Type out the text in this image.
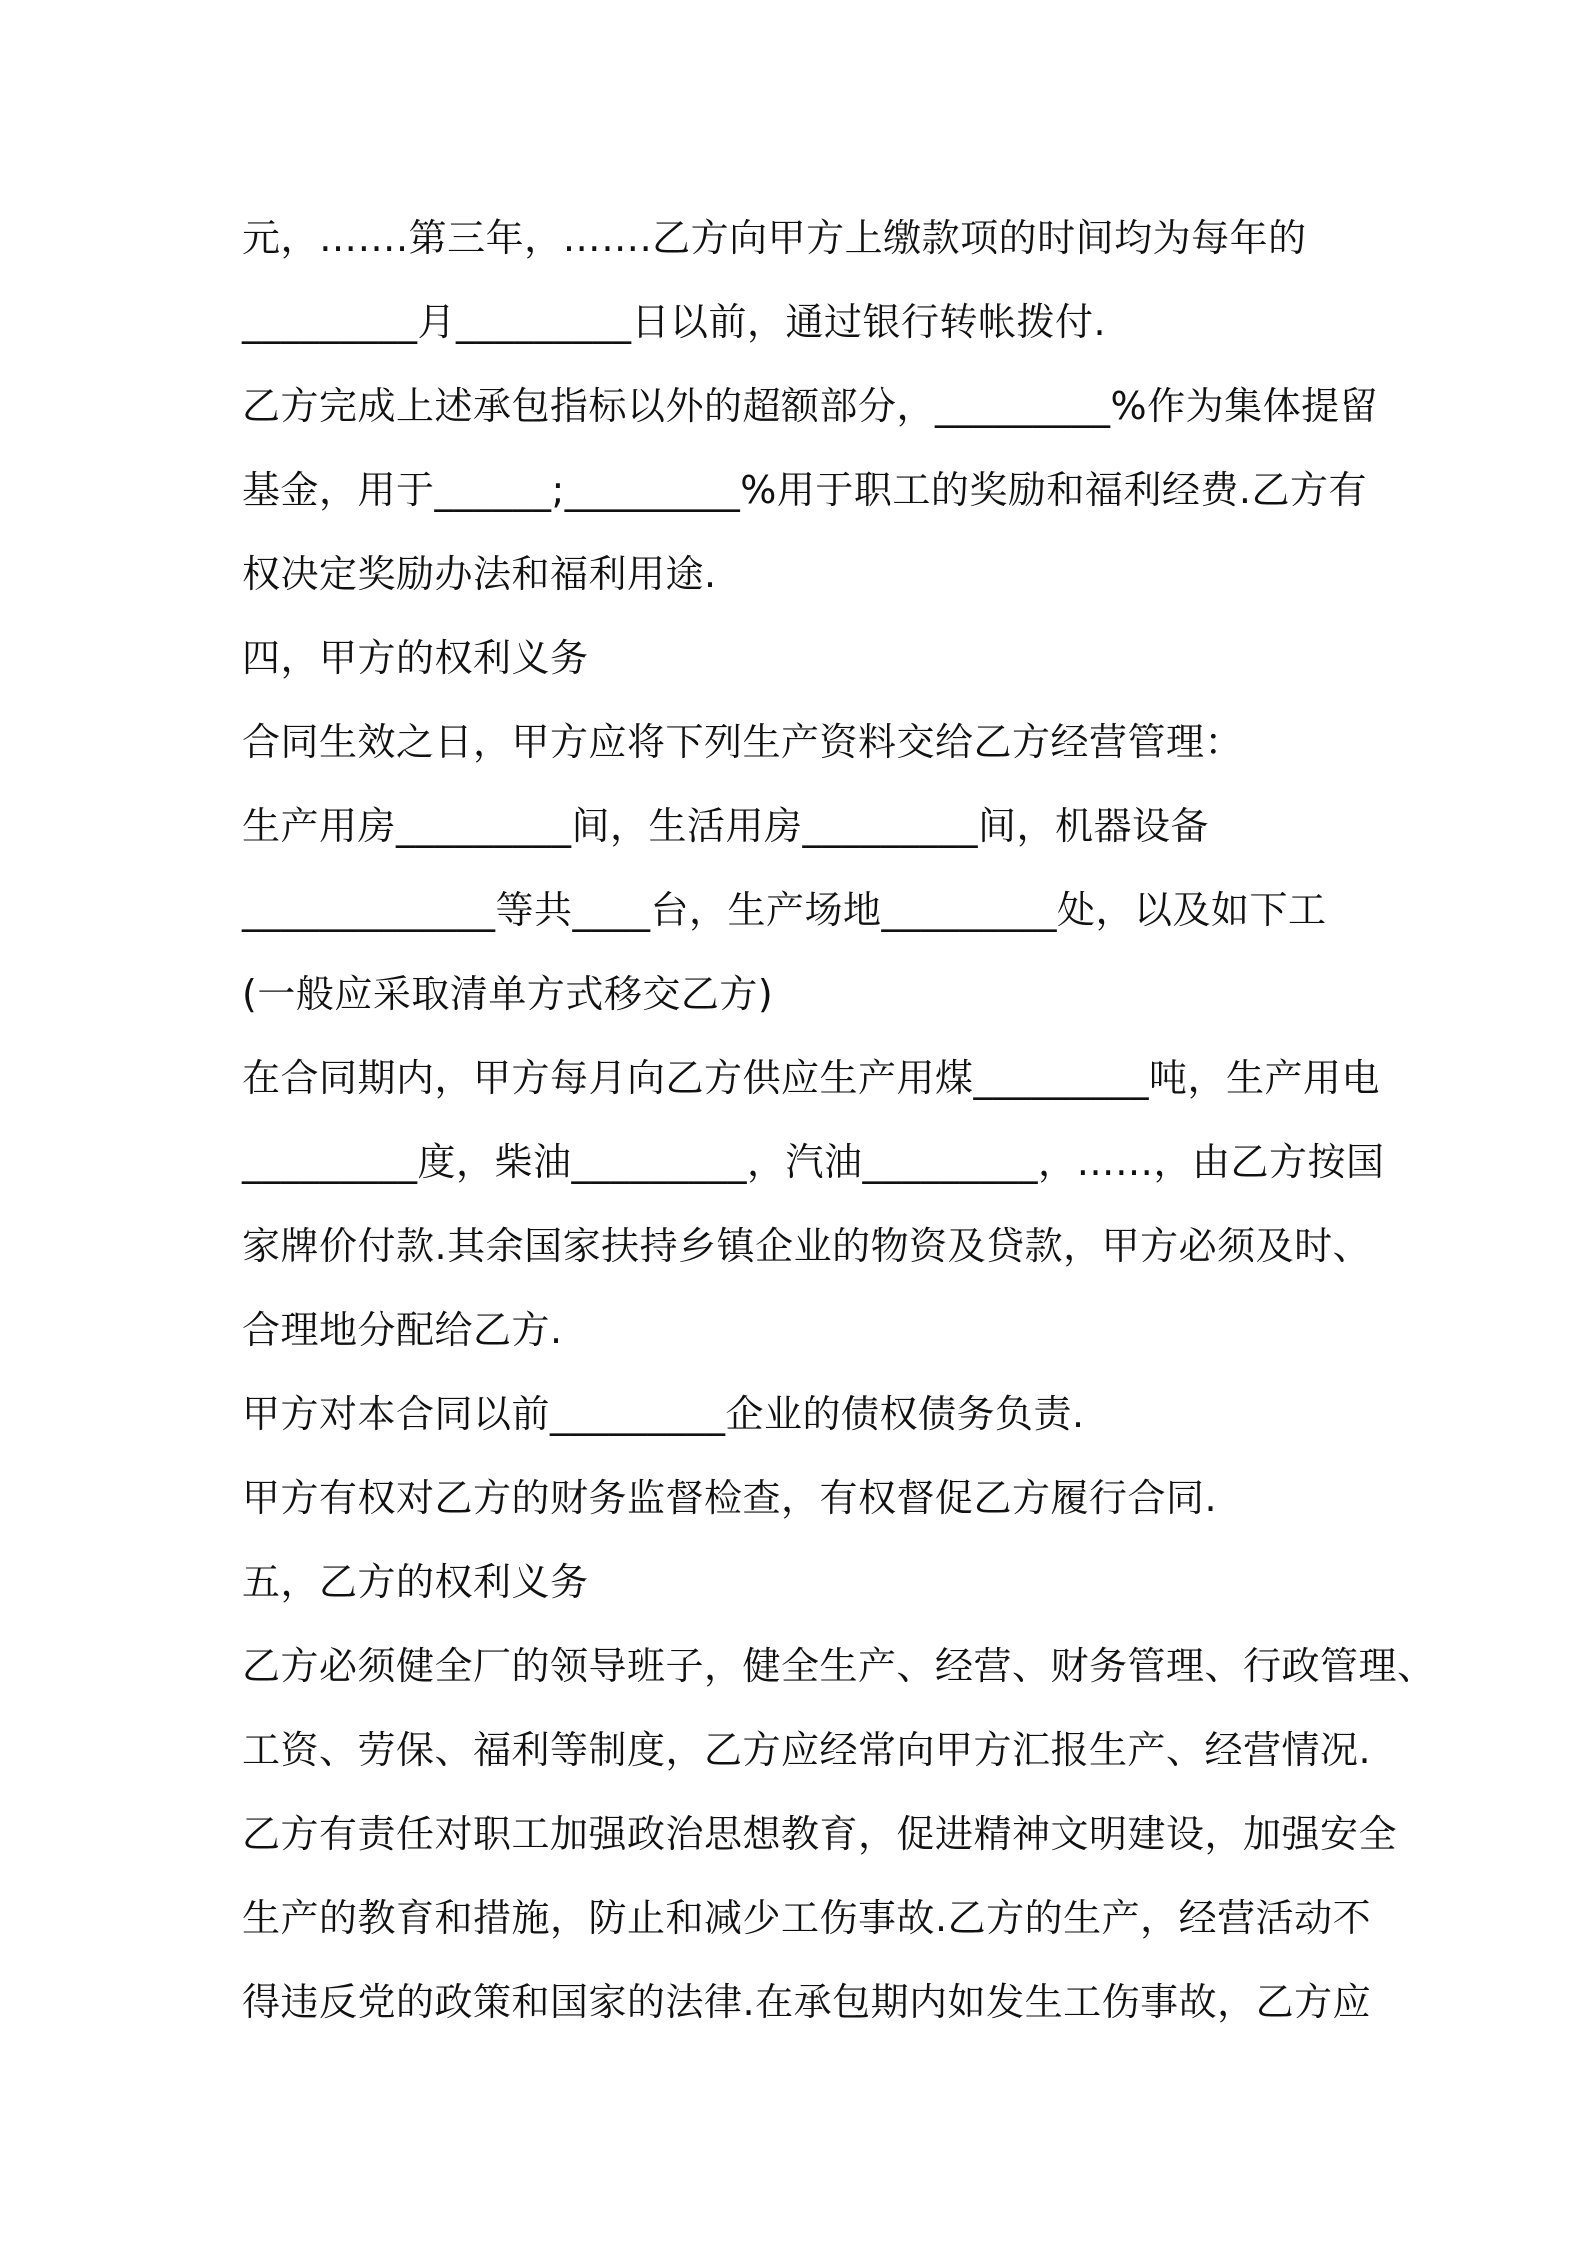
元，…….第三年，…….乙方向甲方上缴款项的时间均为每年的
_________月_________日以前，通过银行转帐拨付.
乙方完成上述承包指标以外的超额部分，_________%作为集体提留
基金，用于______;_________%用于职工的奖励和福利经费.乙方有
权决定奖励办法和福利用途.
四，甲方的权利义务
合同生效之日，甲方应将下列生产资料交给乙方经营管理：
生产用房_________间，生活用房_________间，机器设备
_____________等共____台，生产场地_________处，以及如下工
(一般应采取清单方式移交乙方)
在合同期内，甲方每月向乙方供应生产用煤_________吨，生产用电
_________度，柴油_________，汽油_________，……，由乙方按国
家牌价付款.其余国家扶持乡镇企业的物资及贷款，甲方必须及时、
合理地分配给乙方.
甲方对本合同以前_________企业的债权债务负责.
甲方有权对乙方的财务监督检查，有权督促乙方履行合同.
五，乙方的权利义务
乙方必须健全厂的领导班子，健全生产、经营、财务管理、行政管理、
工资、劳保、福利等制度，乙方应经常向甲方汇报生产、经营情况.
乙方有责任对职工加强政治思想教育，促进精神文明建设，加强安全
生产的教育和措施，防止和减少工伤事故.乙方的生产，经营活动不
得违反党的政策和国家的法律.在承包期内如发生工伤事故，乙方应
